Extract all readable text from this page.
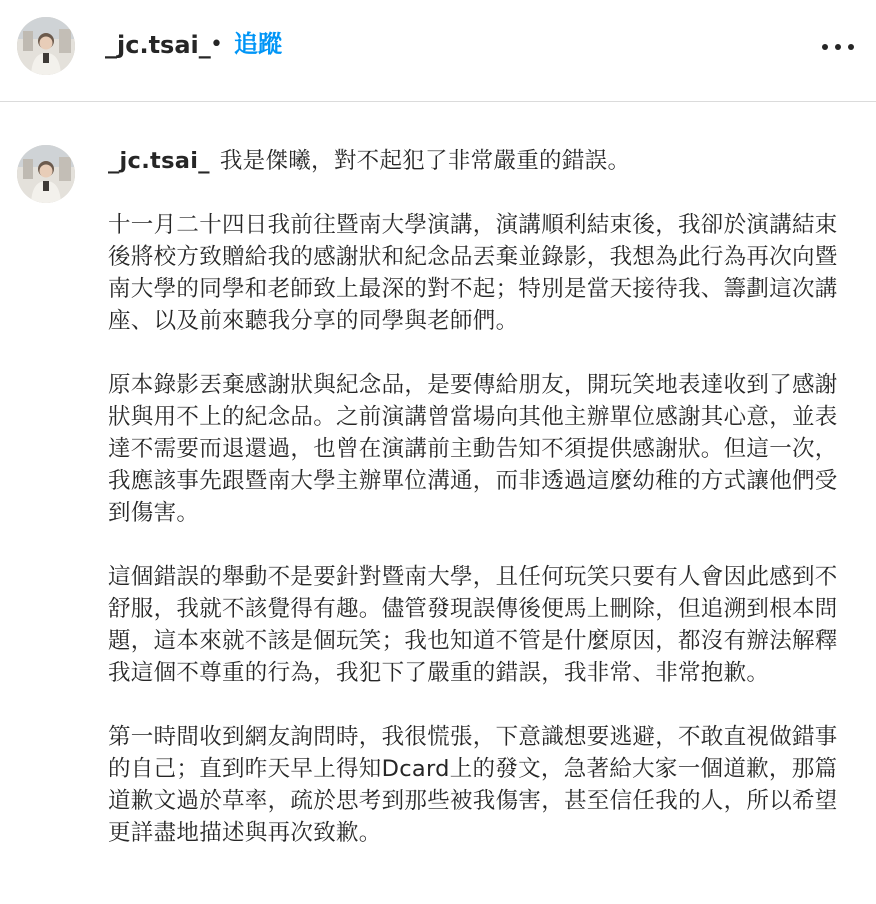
_jc.tsai_ • 追蹤

_jc.tsai_ 我是傑曦，對不起犯了非常嚴重的錯誤。

十一月二十四日我前往暨南大學演講，演講順利結束後，我卻於演講結束後將校方致贈給我的感謝狀和紀念品丟棄並錄影，我想為此行為再次向暨南大學的同學和老師致上最深的對不起；特別是當天接待我、籌劃這次講座、以及前來聽我分享的同學與老師們。

原本錄影丟棄感謝狀與紀念品，是要傳給朋友，開玩笑地表達收到了感謝狀與用不上的紀念品。之前演講曾當場向其他主辦單位感謝其心意，並表達不需要而退還過，也曾在演講前主動告知不須提供感謝狀。但這一次，我應該事先跟暨南大學主辦單位溝通，而非透過這麼幼稚的方式讓他們受到傷害。

這個錯誤的舉動不是要針對暨南大學，且任何玩笑只要有人會因此感到不舒服，我就不該覺得有趣。儘管發現誤傳後便馬上刪除，但追溯到根本問題，這本來就不該是個玩笑；我也知道不管是什麼原因，都沒有辦法解釋我這個不尊重的行為，我犯下了嚴重的錯誤，我非常、非常抱歉。

第一時間收到網友詢問時，我很慌張，下意識想要逃避，不敢直視做錯事的自己；直到昨天早上得知Dcard上的發文，急著給大家一個道歉，那篇道歉文過於草率，疏於思考到那些被我傷害，甚至信任我的人，所以希望更詳盡地描述與再次致歉。
